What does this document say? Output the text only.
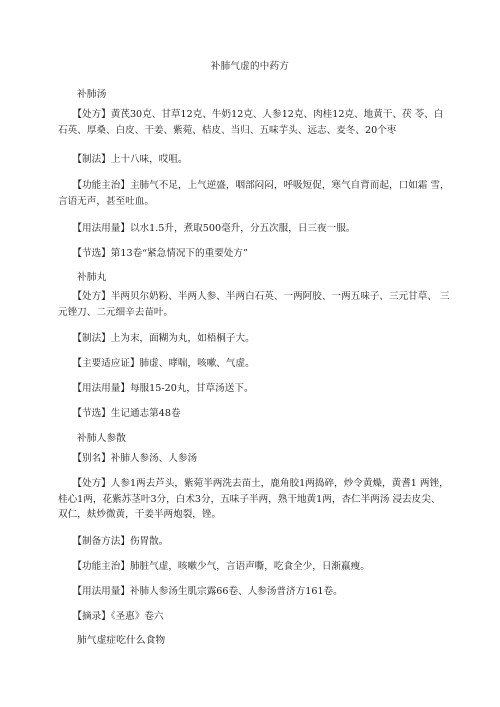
补肺气虚的中药方
补肺汤
　　【处方】黄芪30克、甘草12克、牛奶12克、人参12克、肉桂12克、地黄干、茯 苓、白石英、厚桑、白皮、干姜、紫菀、桔皮、当归、五味芋头、远志、麦冬、20个枣
　　【制法】上十八味，哎咀。
　　【功能主治】主肺气不足，上气逆盛，咽部闷闷，呼吸短促，寒气自背而起，口如霜 雪，言语无声，甚至吐血。
　　【用法用量】以水1.5升，煮取500毫升，分五次服，日三夜一服。
　　【节选】第13卷“紧急情况下的重要处方”
补肺丸
　　【处方】半两贝尔奶粉、半两人参、半两白石英、一两阿胶、一两五味子、三元甘草、 三元锉刀、二元细辛去苗叶。
　　【制法】上为末，面糊为丸，如梧桐子大。
　　【主要适应证】肺虚、哮喘，咳嗽、气虚。
　　【用法用量】每服15-20丸，甘草汤送下。
　　【节选】生记通志第48卷
补肺人参散
　　【别名】补肺人参汤、人参汤
　　【处方】人参1两去芦头，紫菀半两洗去苗土，鹿角胶1两捣碎，炒令黄燥，黄耆1 两锉，桂心1两，花紫苏茎叶3分，白术3分，五味子半两，熟干地黄1两，杏仁半两汤 浸去皮尖、双仁，麸炒微黄，干姜半两炮裂，锉。
　　【制备方法】伤胃散。
　　【功能主治】肺脏气虚，咳嗽少气，言语声嘶，吃食全少，日渐羸瘦。
　　【用法用量】补肺人参汤生肌宗露66卷、人参汤普济方161卷。
　　【摘录】《圣惠》卷六
肺气虚症吃什么食物
